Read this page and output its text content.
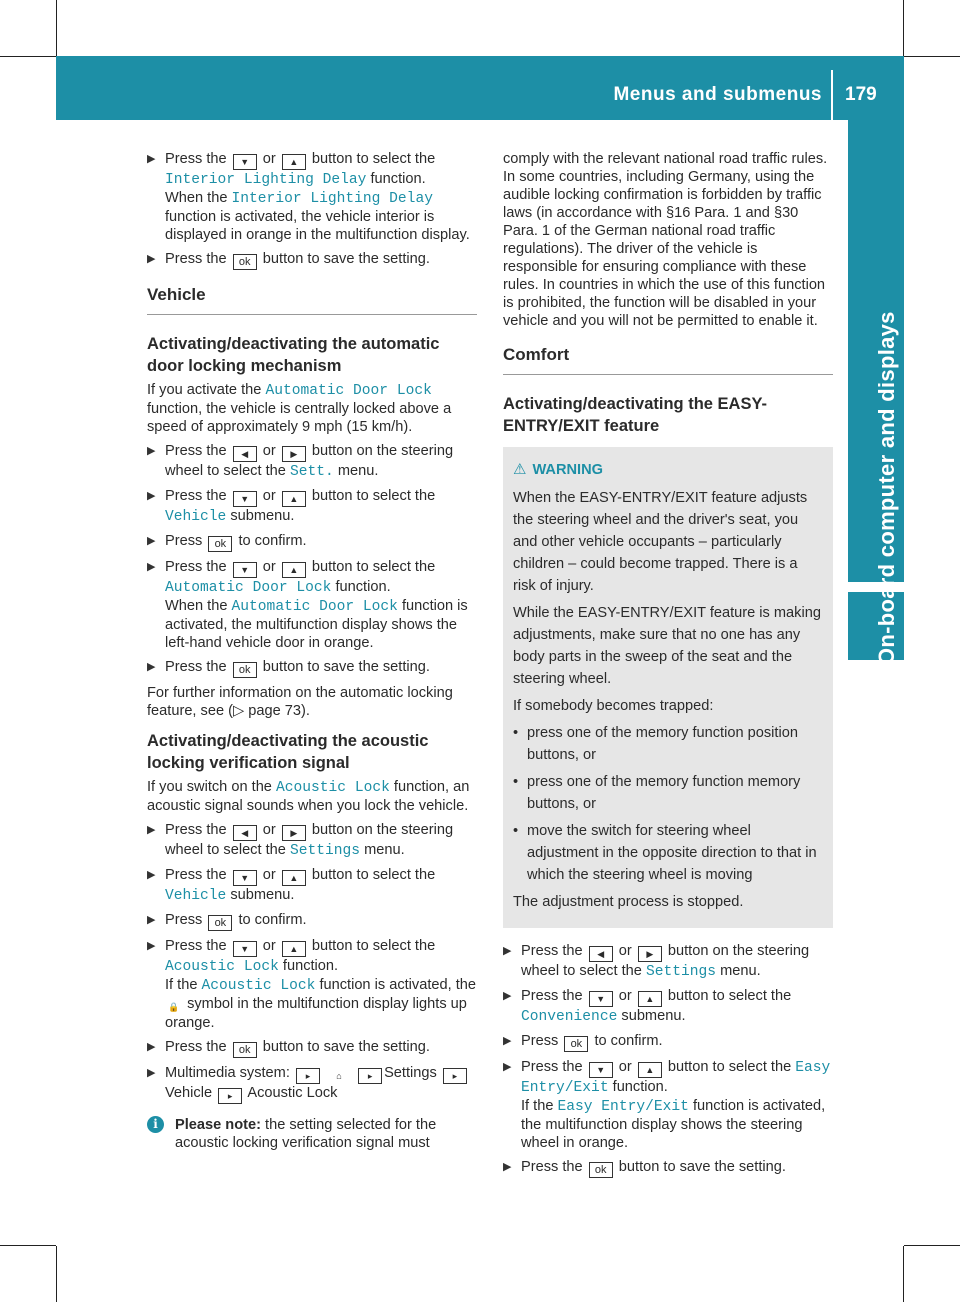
Menus and submenus 179
▶ Press the ▼ or ▲ button to select the Interior Lighting Delay function.
When the Interior Lighting Delay function is activated, the vehicle interior is displayed in orange in the multifunction display.
▶ Press the ok button to save the setting.
Vehicle
Activating/deactivating the automatic door locking mechanism

If you activate the Automatic Door Lock function, the vehicle is centrally locked above a speed of approximately 9 mph (15 km/h).

▶ Press the ◀ or ▶ button on the steering wheel to select the Sett. menu.
▶ Press the ▼ or ▲ button to select the Vehicle submenu.
▶ Press ok to confirm.
▶ Press the ▼ or ▲ button to select the Automatic Door Lock function.
When the Automatic Door Lock function is activated, the multifunction display shows the left-hand vehicle door in orange.
▶ Press the ok button to save the setting.

For further information on the automatic locking feature, see (▷ page 73).

Activating/deactivating the acoustic locking verification signal

If you switch on the Acoustic Lock function, an acoustic signal sounds when you lock the vehicle.

▶ Press the ◀ or ▶ button on the steering wheel to select the Settings menu.
▶ Press the ▼ or ▲ button to select the Vehicle submenu.
▶ Press ok to confirm.
▶ Press the ▼ or ▲ button to select the Acoustic Lock function.
If the Acoustic Lock function is activated, the 🔒 symbol in the multifunction display lights up orange.
▶ Press the ok button to save the setting.
▶ Multimedia system: ▸	⌂	▸ Settings ▸Vehicle ▸ Acoustic Lock
i	Please note: the setting selected for the acoustic locking verification signal must

comply with the relevant national road traffic rules. In some countries, including Germany, using the audible locking confirmation is forbidden by traffic laws (in accordance with §16 Para. 1 and §30 Para. 1 of the German national road traffic regulations). The driver of the vehicle is responsible for ensuring compliance with these rules. In countries in which the use of this function is prohibited, the function will be disabled in your vehicle and you will not be permitted to enable it.

Comfort
Activating/deactivating the EASY-ENTRY/EXIT feature
⚠ WARNING

When the EASY-ENTRY/EXIT feature adjusts the steering wheel and the driver's seat, you and other vehicle occupants – particularly children – could become trapped. There is a risk of injury.

While the EASY-ENTRY/EXIT feature is making adjustments, make sure that no one has any body parts in the sweep of the seat and the steering wheel.

If somebody becomes trapped:

• press one of the memory function position buttons, or
• press one of the memory function memory buttons, or
• move the switch for steering wheel adjustment in the opposite direction to that in which the steering wheel is moving

The adjustment process is stopped.

▶ Press the ◀ or ▶ button on the steering wheel to select the Settings menu.
▶ Press the ▼ or ▲ button to select the Convenience submenu.
▶ Press ok to confirm.
▶ Press the ▼ or ▲ button to select the Easy Entry/Exit function.
If the Easy Entry/Exit function is activated, the multifunction display shows the steering wheel in orange.
▶ Press the ok button to save the setting.
